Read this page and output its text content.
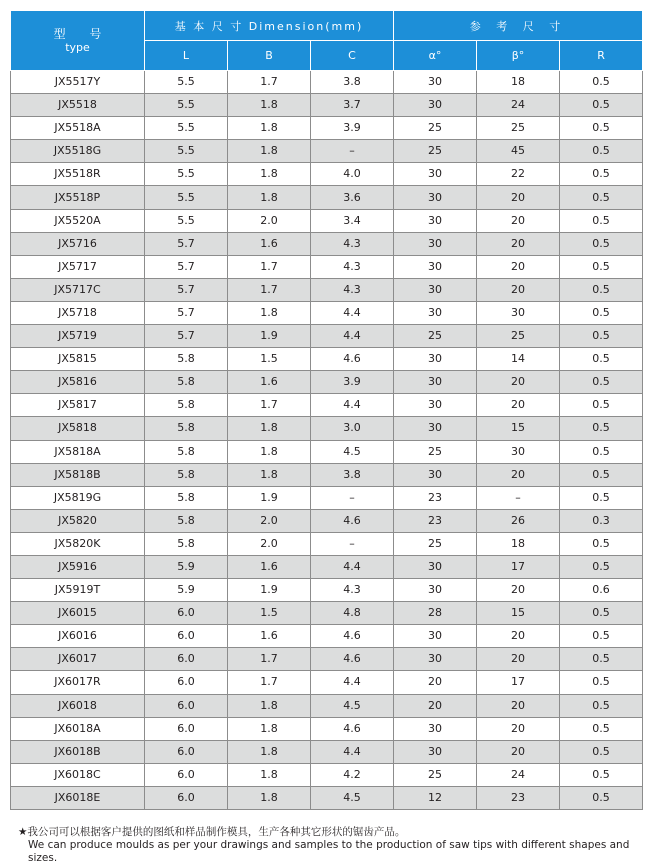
型 号
type	基 本 尺 寸 Dimension(mm)			参 考 尺 寸		
	L	B	C	α°	β°	R
JX5517Y	5.5	1.7	3.8	30	18	0.5
JX5518	5.5	1.8	3.7	30	24	0.5
JX5518A	5.5	1.8	3.9	25	25	0.5
JX5518G	5.5	1.8	–	25	45	0.5
JX5518R	5.5	1.8	4.0	30	22	0.5
JX5518P	5.5	1.8	3.6	30	20	0.5
JX5520A	5.5	2.0	3.4	30	20	0.5
JX5716	5.7	1.6	4.3	30	20	0.5
JX5717	5.7	1.7	4.3	30	20	0.5
JX5717C	5.7	1.7	4.3	30	20	0.5
JX5718	5.7	1.8	4.4	30	30	0.5
JX5719	5.7	1.9	4.4	25	25	0.5
JX5815	5.8	1.5	4.6	30	14	0.5
JX5816	5.8	1.6	3.9	30	20	0.5
JX5817	5.8	1.7	4.4	30	20	0.5
JX5818	5.8	1.8	3.0	30	15	0.5
JX5818A	5.8	1.8	4.5	25	30	0.5
JX5818B	5.8	1.8	3.8	30	20	0.5
JX5819G	5.8	1.9	–	23	–	0.5
JX5820	5.8	2.0	4.6	23	26	0.3
JX5820K	5.8	2.0	–	25	18	0.5
JX5916	5.9	1.6	4.4	30	17	0.5
JX5919T	5.9	1.9	4.3	30	20	0.6
JX6015	6.0	1.5	4.8	28	15	0.5
JX6016	6.0	1.6	4.6	30	20	0.5
JX6017	6.0	1.7	4.6	30	20	0.5
JX6017R	6.0	1.7	4.4	20	17	0.5
JX6018	6.0	1.8	4.5	20	20	0.5
JX6018A	6.0	1.8	4.6	30	20	0.5
JX6018B	6.0	1.8	4.4	30	20	0.5
JX6018C	6.0	1.8	4.2	25	24	0.5
JX6018E	6.0	1.8	4.5	12	23	0.5
★我公司可以根据客户提供的图纸和样品制作模具，生产各种其它形状的锯齿产品。
We can produce moulds as per your drawings and samples to the production of saw tips with different shapes and sizes.
